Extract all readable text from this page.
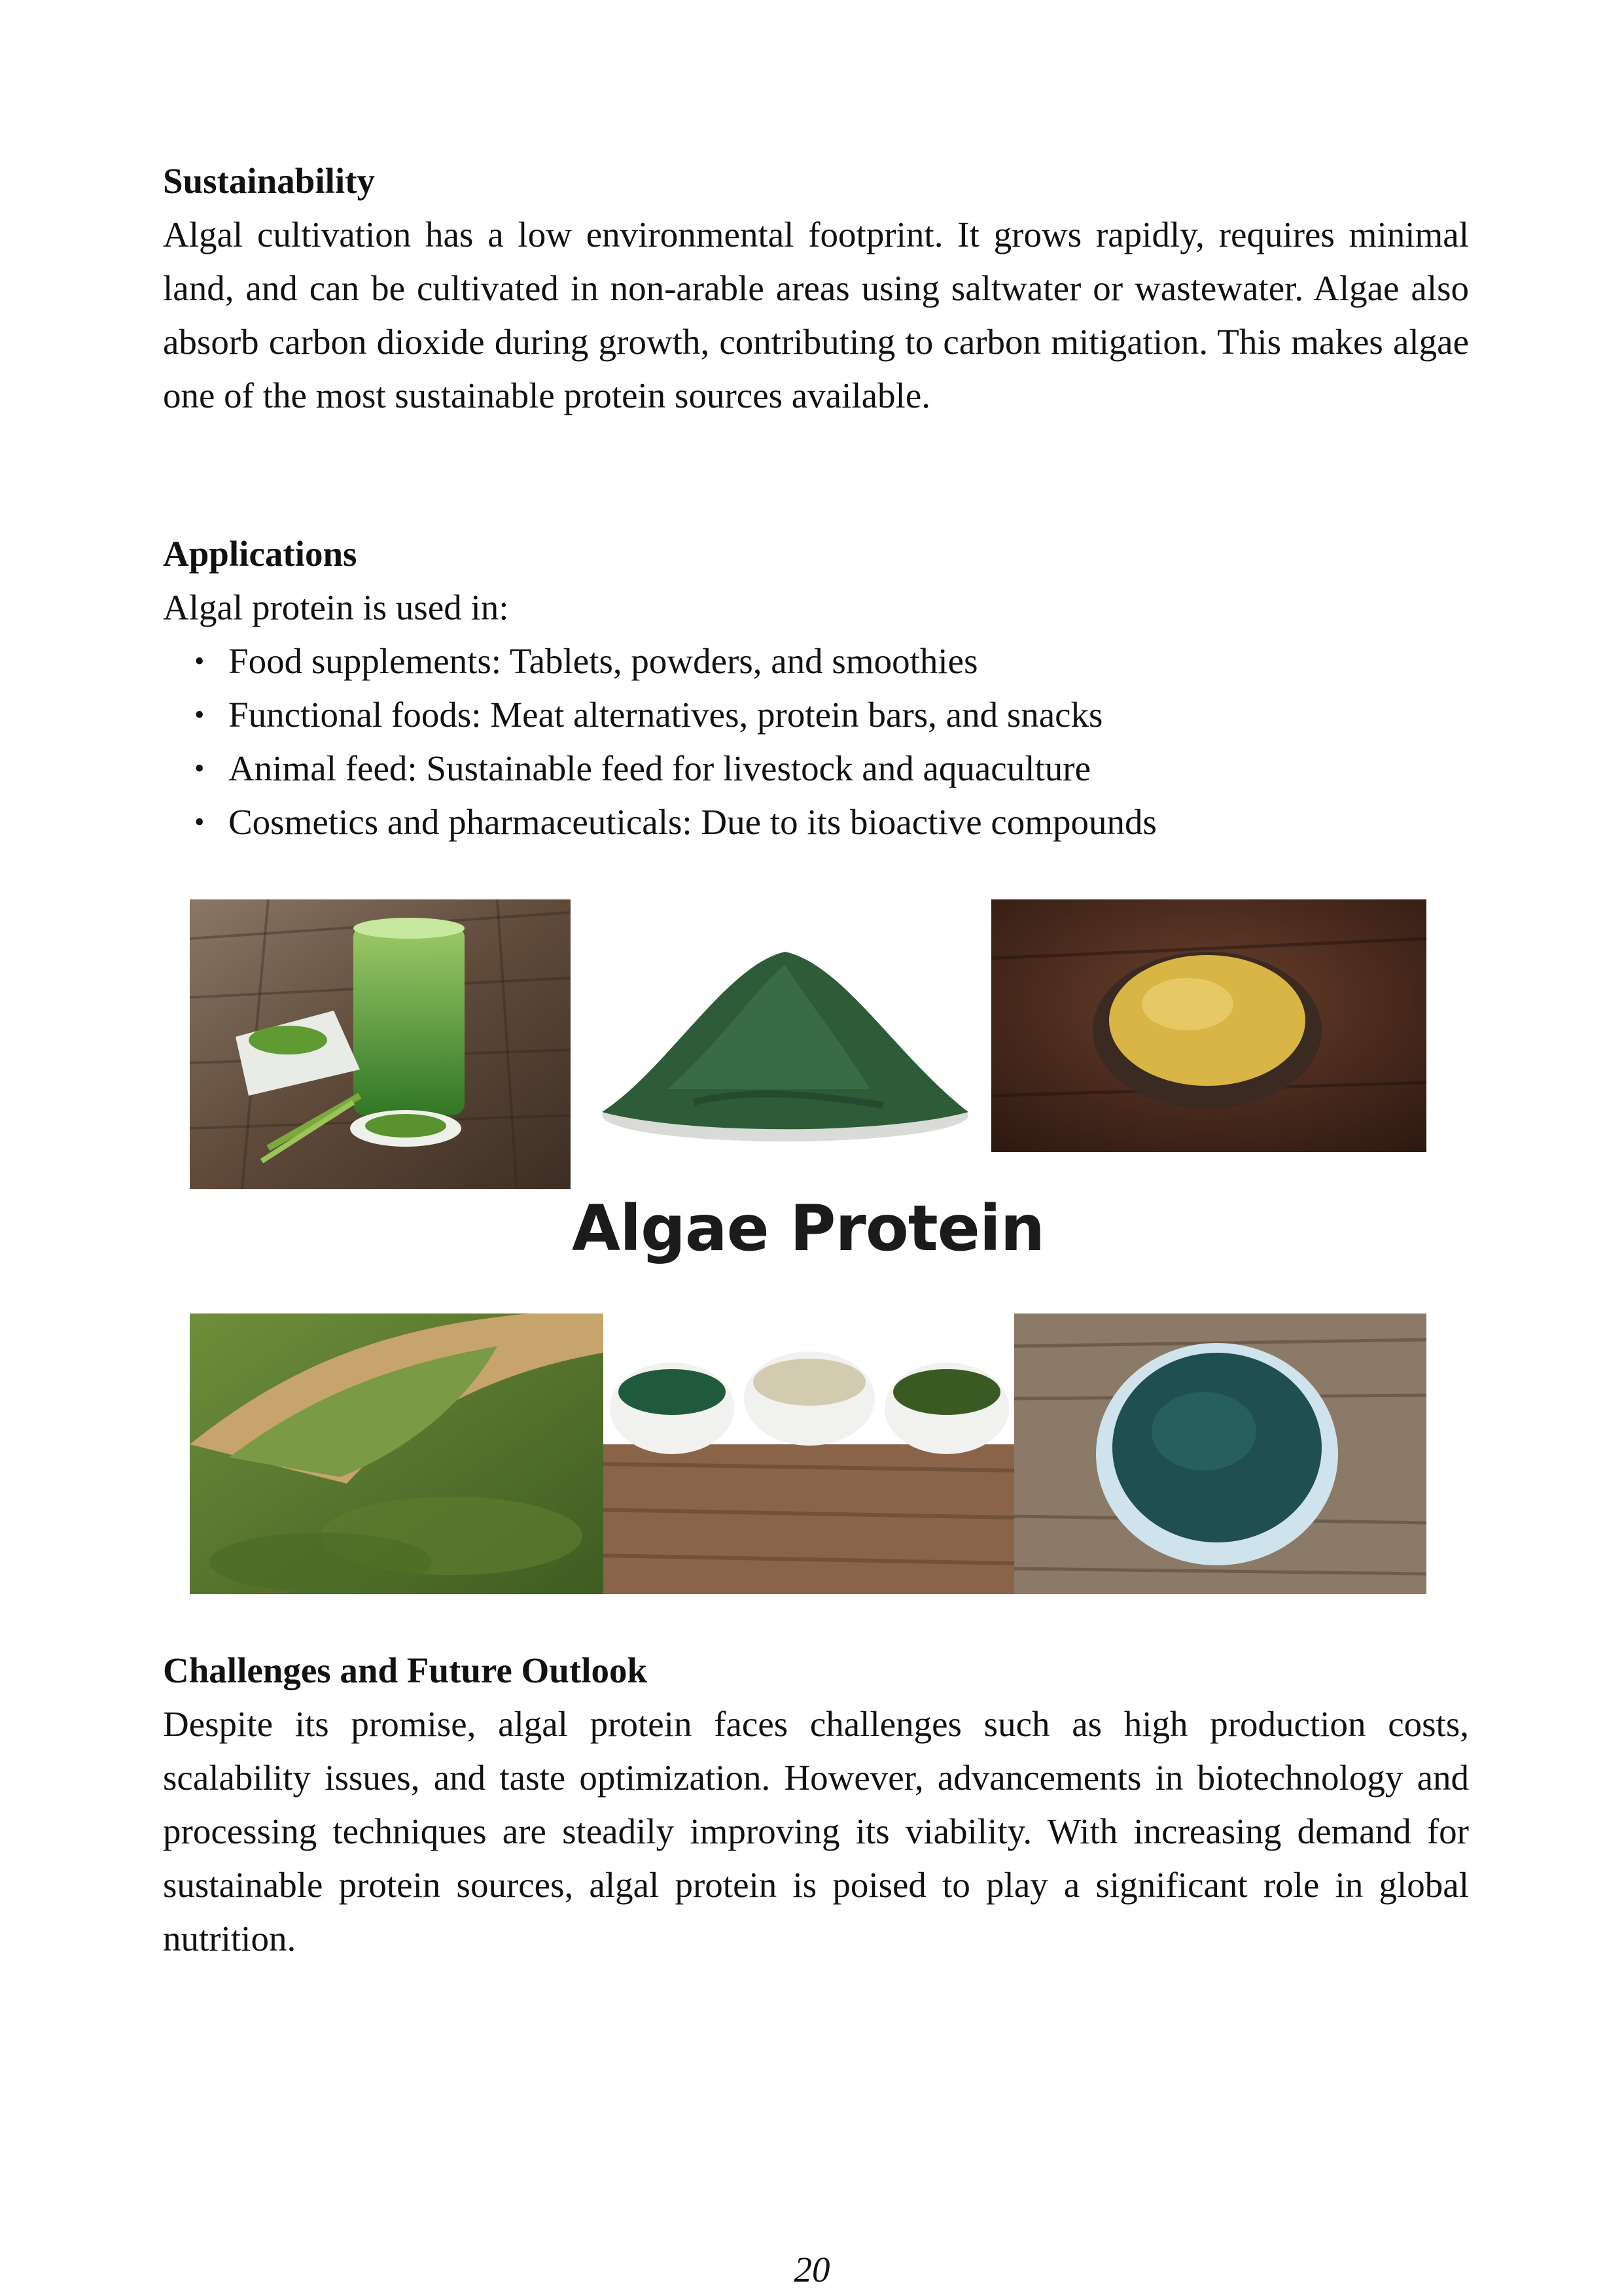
Sustainability

Algal cultivation has a low environmental footprint. It grows rapidly, requires minimal land, and can be cultivated in non-arable areas using saltwater or wastewater. Algae also absorb carbon dioxide during growth, contributing to carbon mitigation. This makes algae one of the most sustainable protein sources available.

Applications

Algal protein is used in:

• Food supplements: Tablets, powders, and smoothies
• Functional foods: Meat alternatives, protein bars, and snacks
• Animal feed: Sustainable feed for livestock and aquaculture
• Cosmetics and pharmaceuticals: Due to its bioactive compounds
Algae Protein

Challenges and Future Outlook

Despite its promise, algal protein faces challenges such as high production costs, scalability issues, and taste optimization. However, advancements in biotechnology and processing techniques are steadily improving its viability. With increasing demand for sustainable protein sources, algal protein is poised to play a significant role in global nutrition.

20
